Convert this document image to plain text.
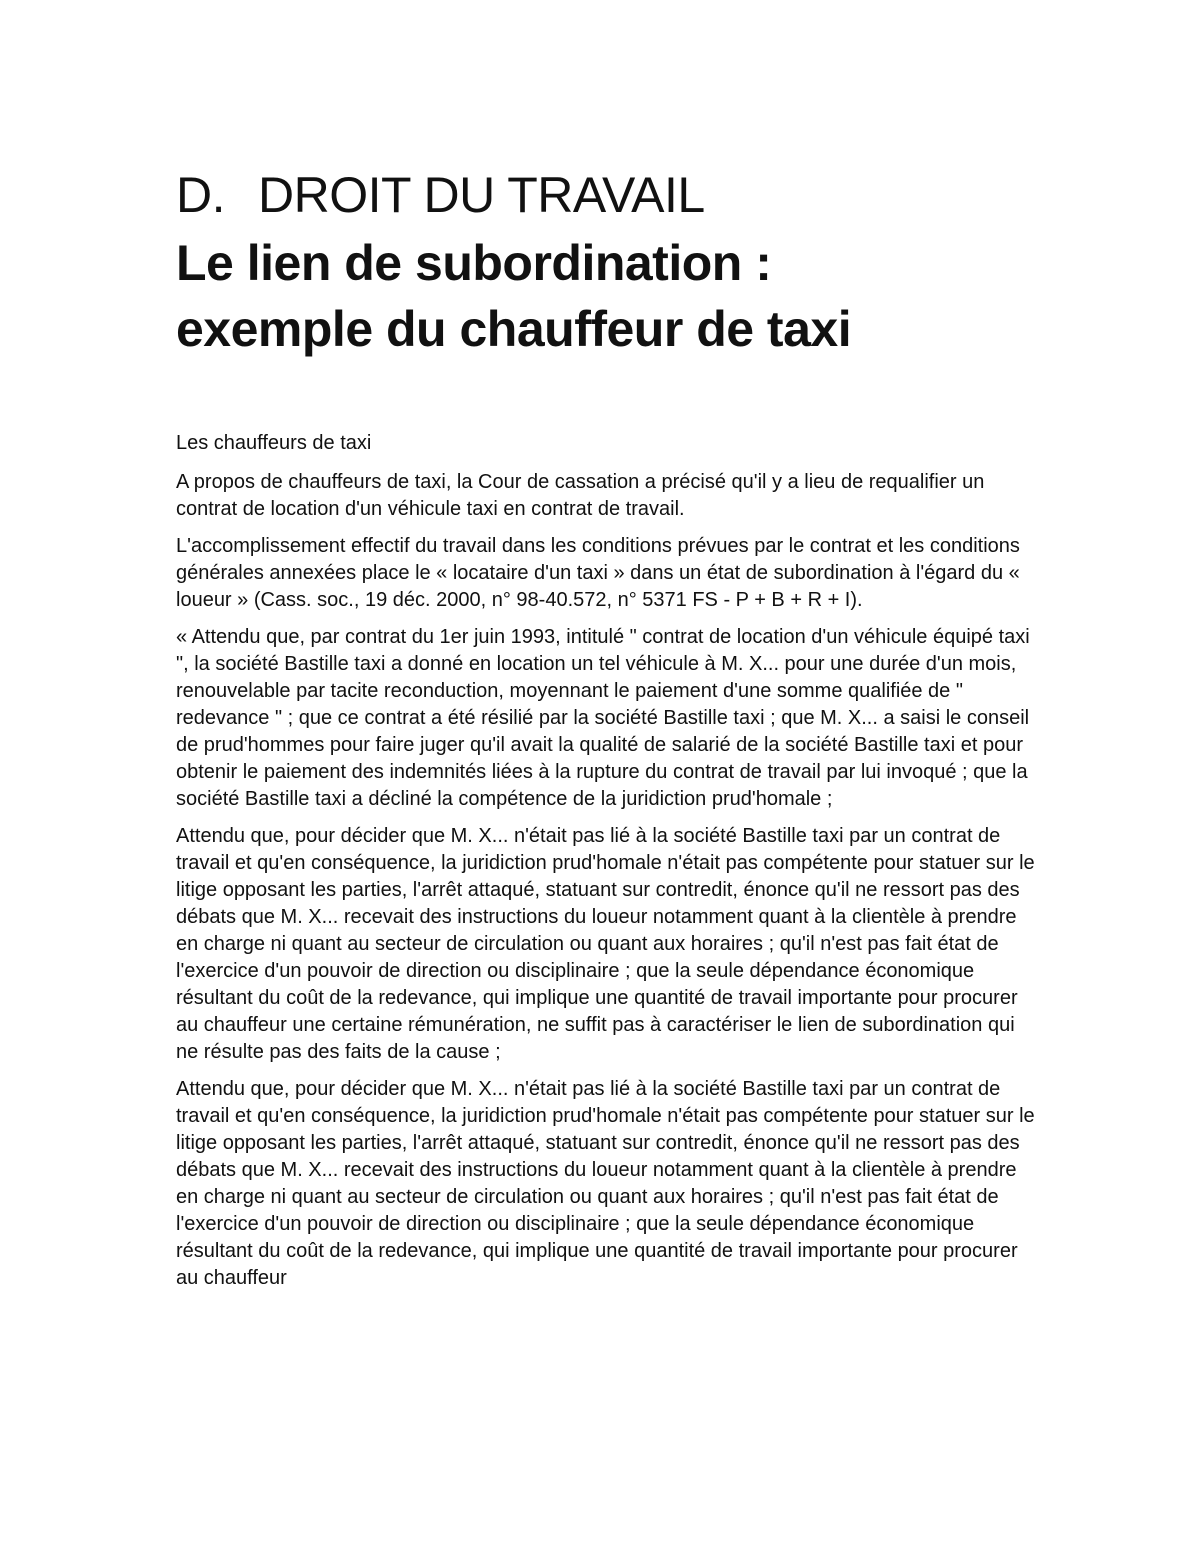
D. DROIT DU TRAVAIL
Le lien de subordination :
exemple du chauffeur de taxi

Les chauffeurs de taxi

A propos de chauffeurs de taxi, la Cour de cassation a précisé qu'il y a lieu de requalifier un contrat de location d'un véhicule taxi en contrat de travail.

L'accomplissement effectif du travail dans les conditions prévues par le contrat et les conditions générales annexées place le « locataire d'un taxi » dans un état de subordination à l'égard du « loueur » (Cass. soc., 19 déc. 2000, n° 98-40.572, n° 5371 FS - P + B + R + I).

« Attendu que, par contrat du 1er juin 1993, intitulé " contrat de location d'un véhicule équipé taxi ", la société Bastille taxi a donné en location un tel véhicule à M. X... pour une durée d'un mois, renouvelable par tacite reconduction, moyennant le paiement d'une somme qualifiée de " redevance " ; que ce contrat a été résilié par la société Bastille taxi ; que M. X... a saisi le conseil de prud'hommes pour faire juger qu'il avait la qualité de salarié de la société Bastille taxi et pour obtenir le paiement des indemnités liées à la rupture du contrat de travail par lui invoqué ; que la société Bastille taxi a décliné la compétence de la juridiction prud'homale ;

Attendu que, pour décider que M. X... n'était pas lié à la société Bastille taxi par un contrat de travail et qu'en conséquence, la juridiction prud'homale n'était pas compétente pour statuer sur le litige opposant les parties, l'arrêt attaqué, statuant sur contredit, énonce qu'il ne ressort pas des débats que M. X... recevait des instructions du loueur notamment quant à la clientèle à prendre en charge ni quant au secteur de circulation ou quant aux horaires ; qu'il n'est pas fait état de l'exercice d'un pouvoir de direction ou disciplinaire ; que la seule dépendance économique résultant du coût de la redevance, qui implique une quantité de travail importante pour procurer au chauffeur une certaine rémunération, ne suffit pas à caractériser le lien de subordination qui ne résulte pas des faits de la cause ;

Attendu que, pour décider que M. X... n'était pas lié à la société Bastille taxi par un contrat de travail et qu'en conséquence, la juridiction prud'homale n'était pas compétente pour statuer sur le litige opposant les parties, l'arrêt attaqué, statuant sur contredit, énonce qu'il ne ressort pas des débats que M. X... recevait des instructions du loueur notamment quant à la clientèle à prendre en charge ni quant au secteur de circulation ou quant aux horaires ; qu'il n'est pas fait état de l'exercice d'un pouvoir de direction ou disciplinaire ; que la seule dépendance économique résultant du coût de la redevance, qui implique une quantité de travail importante pour procurer au chauffeur
